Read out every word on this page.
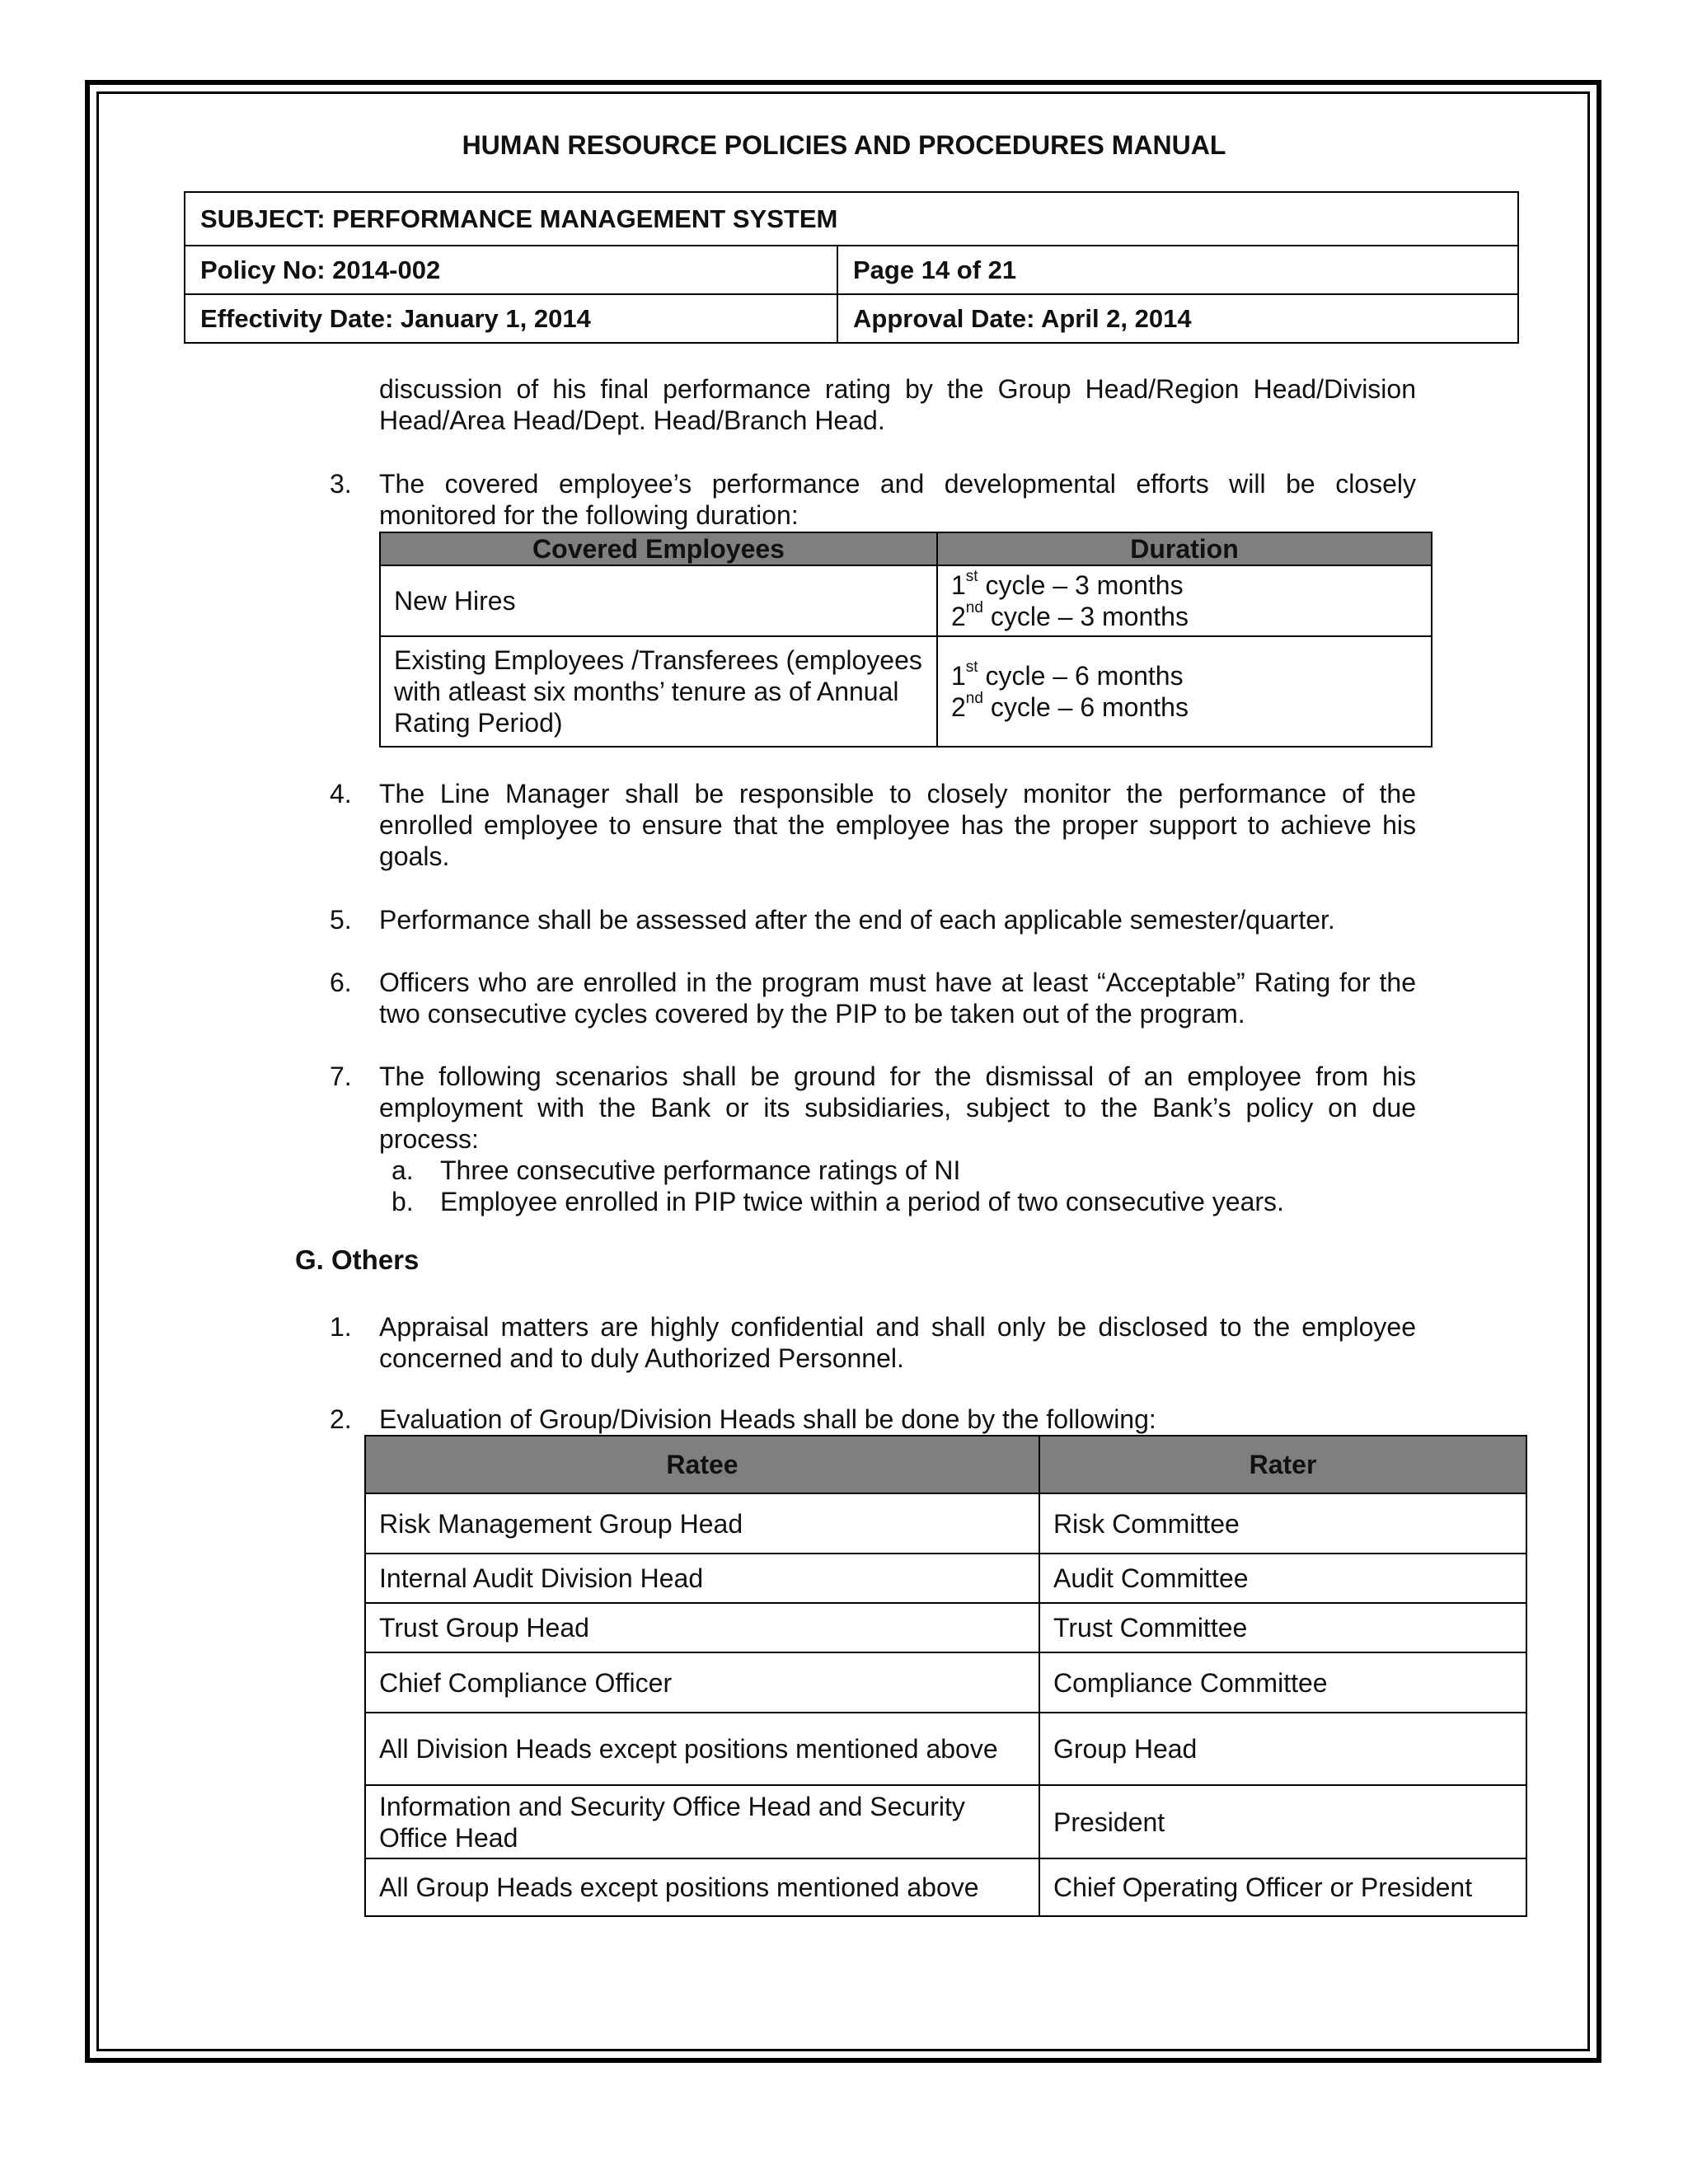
HUMAN RESOURCE POLICIES AND PROCEDURES MANUAL
SUBJECT: PERFORMANCE MANAGEMENT SYSTEM	
Policy No: 2014-002	Page 14 of 21
Effectivity Date: January 1, 2014	Approval Date: April 2, 2014
discussion of his final performance rating by the Group Head/Region Head/Division Head/Area Head/Dept. Head/Branch Head.
3. The covered employee’s performance and developmental efforts will be closely monitored for the following duration:
Covered Employees	Duration
New Hires	1st cycle – 3 months
2nd cycle – 3 months

Existing Employees /Transferees (employees with atleast six months’ tenure as of Annual Rating Period)	1st cycle – 6 months
2nd cycle – 6 months
4. The Line Manager shall be responsible to closely monitor the performance of the enrolled employee to ensure that the employee has the proper support to achieve his goals.
5. Performance shall be assessed after the end of each applicable semester/quarter.
6. Officers who are enrolled in the program must have at least “Acceptable” Rating for the two consecutive cycles covered by the PIP to be taken out of the program.
7. The following scenarios shall be ground for the dismissal of an employee from his employment with the Bank or its subsidiaries, subject to the Bank’s policy on due process:
a. Three consecutive performance ratings of NI
b. Employee enrolled in PIP twice within a period of two consecutive years.
G. Others
1. Appraisal matters are highly confidential and shall only be disclosed to the employee concerned and to duly Authorized Personnel.
2. Evaluation of Group/Division Heads shall be done by the following:
Ratee	Rater
Risk Management Group Head	Risk Committee
Internal Audit Division Head	Audit Committee
Trust Group Head	Trust Committee
Chief Compliance Officer	Compliance Committee
All Division Heads except positions mentioned above	Group Head
Information and Security Office Head and Security Office Head	President
All Group Heads except positions mentioned above	Chief Operating Officer or President
